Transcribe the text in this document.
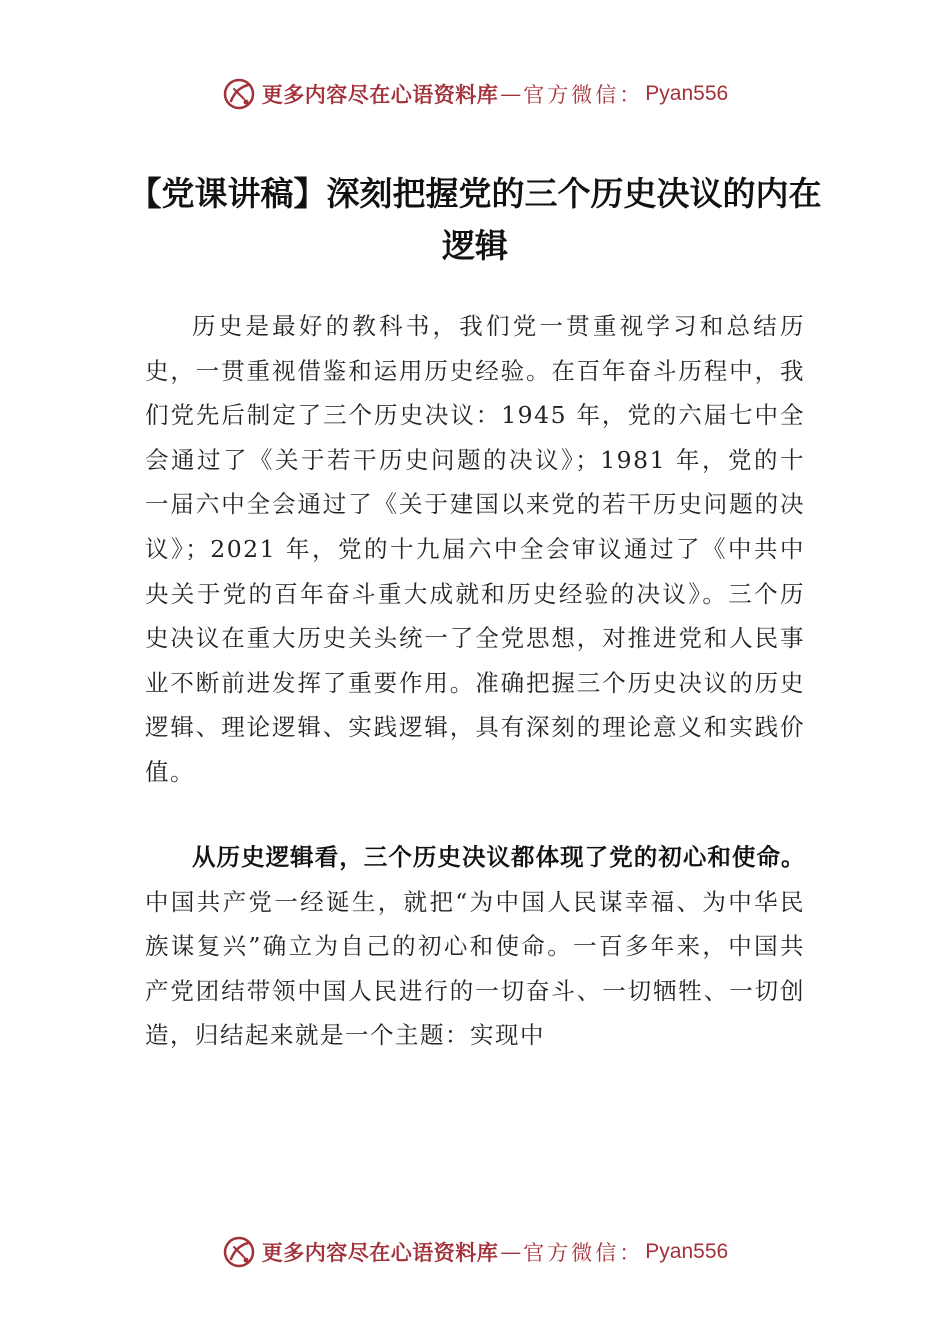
更多内容尽在心语资料库 — 官方微信： Pyan556
【党课讲稿】深刻把握党的三个历史决议的内在逻辑

历史是最好的教科书，我们党一贯重视学习和总结历史，一贯重视借鉴和运用历史经验。在百年奋斗历程中，我们党先后制定了三个历史决议：1945 年，党的六届七中全会通过了《关于若干历史问题的决议》；1981 年，党的十一届六中全会通过了《关于建国以来党的若干历史问题的决议》；2021 年，党的十九届六中全会审议通过了《中共中央关于党的百年奋斗重大成就和历史经验的决议》。三个历史决议在重大历史关头统一了全党思想，对推进党和人民事业不断前进发挥了重要作用。准确把握三个历史决议的历史逻辑、理论逻辑、实践逻辑，具有深刻的理论意义和实践价值。

从历史逻辑看，三个历史决议都体现了党的初心和使命。中国共产党一经诞生，就把“为中国人民谋幸福、为中华民族谋复兴”确立为自己的初心和使命。一百多年来，中国共产党团结带领中国人民进行的一切奋斗、一切牺牲、一切创造，归结起来就是一个主题：实现中

更多内容尽在心语资料库 — 官方微信： Pyan556
